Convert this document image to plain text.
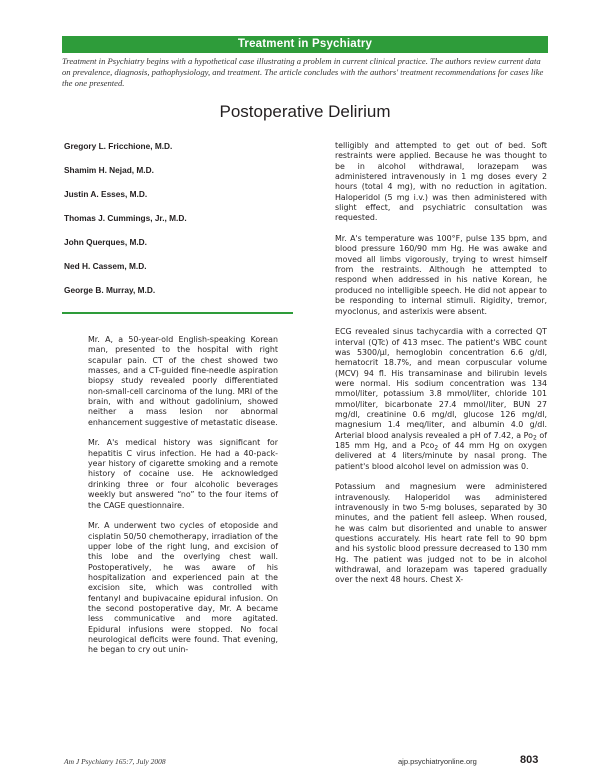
Treatment in Psychiatry
Treatment in Psychiatry begins with a hypothetical case illustrating a problem in current clinical practice. The authors review current data on prevalence, diagnosis, pathophysiology, and treatment. The article concludes with the authors' treatment recommendations for cases like the one presented.
Postoperative Delirium
Gregory L. Fricchione, M.D.
Shamim H. Nejad, M.D.
Justin A. Esses, M.D.
Thomas J. Cummings, Jr., M.D.
John Querques, M.D.
Ned H. Cassem, M.D.
George B. Murray, M.D.

Mr. A, a 50-year-old English-speaking Korean man, presented to the hospital with right scapular pain. CT of the chest showed two masses, and a CT-guided fine-needle aspiration biopsy study revealed poorly differentiated non-small-cell carcinoma of the lung. MRI of the brain, with and without gadolinium, showed neither a mass lesion nor abnormal enhancement suggestive of metastatic disease.

Mr. A's medical history was significant for hepatitis C virus infection. He had a 40-pack-year history of cigarette smoking and a remote history of cocaine use. He acknowledged drinking three or four alcoholic beverages weekly but answered “no” to the four items of the CAGE questionnaire.

Mr. A underwent two cycles of etoposide and cisplatin 50/50 chemotherapy, irradiation of the upper lobe of the right lung, and excision of this lobe and the overlying chest wall. Postoperatively, he was aware of his hospitalization and experienced pain at the excision site, which was controlled with fentanyl and bupivacaine epidural infusion. On the second postoperative day, Mr. A became less communicative and more agitated. Epidural infusions were stopped. No focal neurological deficits were found. That evening, he began to cry out unin-

telligibly and attempted to get out of bed. Soft restraints were applied. Because he was thought to be in alcohol withdrawal, lorazepam was administered intravenously in 1 mg doses every 2 hours (total 4 mg), with no reduction in agitation. Haloperidol (5 mg i.v.) was then administered with slight effect, and psychiatric consultation was requested.

Mr. A's temperature was 100°F, pulse 135 bpm, and blood pressure 160/90 mm Hg. He was awake and moved all limbs vigorously, trying to wrest himself from the restraints. Although he attempted to respond when addressed in his native Korean, he produced no intelligible speech. He did not appear to be responding to internal stimuli. Rigidity, tremor, myoclonus, and asterixis were absent.

ECG revealed sinus tachycardia with a corrected QT interval (QTc) of 413 msec. The patient's WBC count was 5300/μl, hemoglobin concentration 6.6 g/dl, hematocrit 18.7%, and mean corpuscular volume (MCV) 94 fl. His transaminase and bilirubin levels were normal. His sodium concentration was 134 mmol/liter, potassium 3.8 mmol/liter, chloride 101 mmol/liter, bicarbonate 27.4 mmol/liter, BUN 27 mg/dl, creatinine 0.6 mg/dl, glucose 126 mg/dl, magnesium 1.4 meq/liter, and albumin 4.0 g/dl. Arterial blood analysis revealed a pH of 7.42, a $Po_2$ of 185 mm Hg, and a Pco$_2$ of 44 mm Hg on oxygen delivered at 4 liters/minute by nasal prong. The patient's blood alcohol level on admission was 0.

Potassium and magnesium were administered intravenously. Haloperidol was administered intravenously in two 5-mg boluses, separated by 30 minutes, and the patient fell asleep. When roused, he was calm but disoriented and unable to answer questions accurately. His heart rate fell to 90 bpm and his systolic blood pressure decreased to 130 mm Hg. The patient was judged not to be in alcohol withdrawal, and lorazepam was tapered gradually over the next 48 hours. Chest X-

Am J Psychiatry 165:7, July 2008	ajp.psychiatryonline.org	803
